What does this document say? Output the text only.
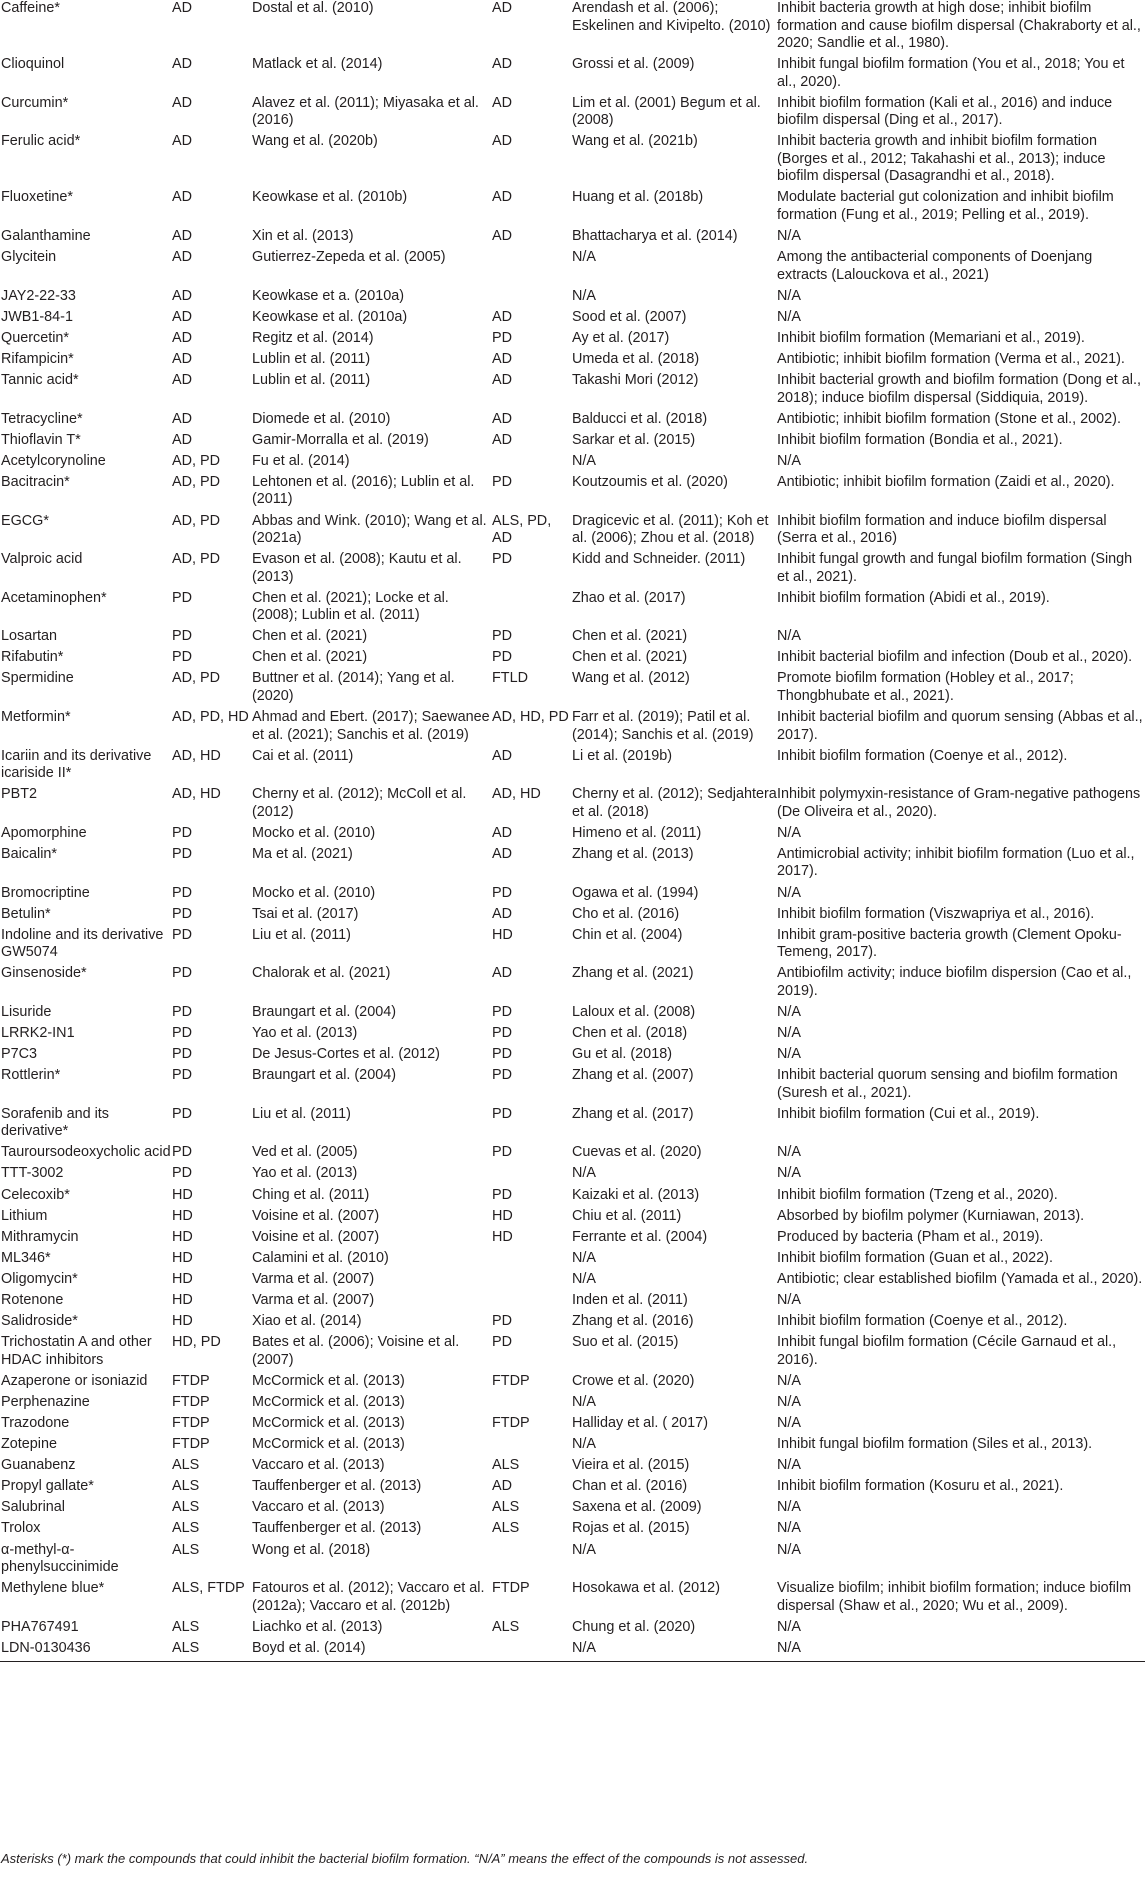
Caffeine*	AD	Dostal et al. (2010)	AD	Arendash et al. (2006); Eskelinen and Kivipelto. (2010)	Inhibit bacteria growth at high dose; inhibit biofilm formation and cause biofilm dispersal (Chakraborty et al., 2020; Sandlie et al., 1980).
Clioquinol	AD	Matlack et al. (2014)	AD	Grossi et al. (2009)	Inhibit fungal biofilm formation (You et al., 2018; You et al., 2020).
Curcumin*	AD	Alavez et al. (2011); Miyasaka et al. (2016)	AD	Lim et al. (2001) Begum et al. (2008)	Inhibit biofilm formation (Kali et al., 2016) and induce biofilm dispersal (Ding et al., 2017).
Ferulic acid*	AD	Wang et al. (2020b)	AD	Wang et al. (2021b)	Inhibit bacteria growth and inhibit biofilm formation (Borges et al., 2012; Takahashi et al., 2013); induce biofilm dispersal (Dasagrandhi et al., 2018).
Fluoxetine*	AD	Keowkase et al. (2010b)	AD	Huang et al. (2018b)	Modulate bacterial gut colonization and inhibit biofilm formation (Fung et al., 2019; Pelling et al., 2019).
Galanthamine	AD	Xin et al. (2013)	AD	Bhattacharya et al. (2014)	N/A
Glycitein	AD	Gutierrez-Zepeda et al. (2005)		N/A	Among the antibacterial components of Doenjang extracts (Lalouckova et al., 2021)
JAY2-22-33	AD	Keowkase et a. (2010a)		N/A	N/A
JWB1-84-1	AD	Keowkase et al. (2010a)	AD	Sood et al. (2007)	N/A
Quercetin*	AD	Regitz et al. (2014)	PD	Ay et al. (2017)	Inhibit biofilm formation (Memariani et al., 2019).
Rifampicin*	AD	Lublin et al. (2011)	AD	Umeda et al. (2018)	Antibiotic; inhibit biofilm formation (Verma et al., 2021).
Tannic acid*	AD	Lublin et al. (2011)	AD	Takashi Mori (2012)	Inhibit bacterial growth and biofilm formation (Dong et al., 2018); induce biofilm dispersal (Siddiquia, 2019).
Tetracycline*	AD	Diomede et al. (2010)	AD	Balducci et al. (2018)	Antibiotic; inhibit biofilm formation (Stone et al., 2002).
Thioflavin T*	AD	Gamir-Morralla et al. (2019)	AD	Sarkar et al. (2015)	Inhibit biofilm formation (Bondia et al., 2021).
Acetylcorynoline	AD, PD	Fu et al. (2014)		N/A	N/A
Bacitracin*	AD, PD	Lehtonen et al. (2016); Lublin et al. (2011)	PD	Koutzoumis et al. (2020)	Antibiotic; inhibit biofilm formation (Zaidi et al., 2020).
EGCG*	AD, PD	Abbas and Wink. (2010); Wang et al. (2021a)	ALS, PD, AD	Dragicevic et al. (2011); Koh et al. (2006); Zhou et al. (2018)	Inhibit biofilm formation and induce biofilm dispersal (Serra et al., 2016)
Valproic acid	AD, PD	Evason et al. (2008); Kautu et al. (2013)	PD	Kidd and Schneider. (2011)	Inhibit fungal growth and fungal biofilm formation (Singh et al., 2021).
Acetaminophen*	PD	Chen et al. (2021); Locke et al. (2008); Lublin et al. (2011)		Zhao et al. (2017)	Inhibit biofilm formation (Abidi et al., 2019).
Losartan	PD	Chen et al. (2021)	PD	Chen et al. (2021)	N/A
Rifabutin*	PD	Chen et al. (2021)	PD	Chen et al. (2021)	Inhibit bacterial biofilm and infection (Doub et al., 2020).
Spermidine	AD, PD	Buttner et al. (2014); Yang et al. (2020)	FTLD	Wang et al. (2012)	Promote biofilm formation (Hobley et al., 2017; Thongbhubate et al., 2021).
Metformin*	AD, PD, HD	Ahmad and Ebert. (2017); Saewanee et al. (2021); Sanchis et al. (2019)	AD, HD, PD	Farr et al. (2019); Patil et al. (2014); Sanchis et al. (2019)	Inhibit bacterial biofilm and quorum sensing (Abbas et al., 2017).
Icariin and its derivative icariside II*	AD, HD	Cai et al. (2011)	AD	Li et al. (2019b)	Inhibit biofilm formation (Coenye et al., 2012).
PBT2	AD, HD	Cherny et al. (2012); McColl et al. (2012)	AD, HD	Cherny et al. (2012); Sedjahtera et al. (2018)	Inhibit polymyxin-resistance of Gram-negative pathogens (De Oliveira et al., 2020).
Apomorphine	PD	Mocko et al. (2010)	AD	Himeno et al. (2011)	N/A
Baicalin*	PD	Ma et al. (2021)	AD	Zhang et al. (2013)	Antimicrobial activity; inhibit biofilm formation (Luo et al., 2017).
Bromocriptine	PD	Mocko et al. (2010)	PD	Ogawa et al. (1994)	N/A
Betulin*	PD	Tsai et al. (2017)	AD	Cho et al. (2016)	Inhibit biofilm formation (Viszwapriya et al., 2016).
Indoline and its derivative GW5074	PD	Liu et al. (2011)	HD	Chin et al. (2004)	Inhibit gram-positive bacteria growth (Clement Opoku-Temeng, 2017).
Ginsenoside*	PD	Chalorak et al. (2021)	AD	Zhang et al. (2021)	Antibiofilm activity; induce biofilm dispersion (Cao et al., 2019).
Lisuride	PD	Braungart et al. (2004)	PD	Laloux et al. (2008)	N/A
LRRK2-IN1	PD	Yao et al. (2013)	PD	Chen et al. (2018)	N/A
P7C3	PD	De Jesus-Cortes et al. (2012)	PD	Gu et al. (2018)	N/A
Rottlerin*	PD	Braungart et al. (2004)	PD	Zhang et al. (2007)	Inhibit bacterial quorum sensing and biofilm formation (Suresh et al., 2021).
Sorafenib and its derivative*	PD	Liu et al. (2011)	PD	Zhang et al. (2017)	Inhibit biofilm formation (Cui et al., 2019).
Tauroursodeoxycholic acid	PD	Ved et al. (2005)	PD	Cuevas et al. (2020)	N/A
TTT-3002	PD	Yao et al. (2013)		N/A	N/A
Celecoxib*	HD	Ching et al. (2011)	PD	Kaizaki et al. (2013)	Inhibit biofilm formation (Tzeng et al., 2020).
Lithium	HD	Voisine et al. (2007)	HD	Chiu et al. (2011)	Absorbed by biofilm polymer (Kurniawan, 2013).
Mithramycin	HD	Voisine et al. (2007)	HD	Ferrante et al. (2004)	Produced by bacteria (Pham et al., 2019).
ML346*	HD	Calamini et al. (2010)		N/A	Inhibit biofilm formation (Guan et al., 2022).
Oligomycin*	HD	Varma et al. (2007)		N/A	Antibiotic; clear established biofilm (Yamada et al., 2020).
Rotenone	HD	Varma et al. (2007)		Inden et al. (2011)	N/A
Salidroside*	HD	Xiao et al. (2014)	PD	Zhang et al. (2016)	Inhibit biofilm formation (Coenye et al., 2012).
Trichostatin A and other HDAC inhibitors	HD, PD	Bates et al. (2006); Voisine et al. (2007)	PD	Suo et al. (2015)	Inhibit fungal biofilm formation (Cécile Garnaud et al., 2016).
Azaperone or isoniazid	FTDP	McCormick et al. (2013)	FTDP	Crowe et al. (2020)	N/A
Perphenazine	FTDP	McCormick et al. (2013)		N/A	N/A
Trazodone	FTDP	McCormick et al. (2013)	FTDP	Halliday et al. ( 2017)	N/A
Zotepine	FTDP	McCormick et al. (2013)		N/A	Inhibit fungal biofilm formation (Siles et al., 2013).
Guanabenz	ALS	Vaccaro et al. (2013)	ALS	Vieira et al. (2015)	N/A
Propyl gallate*	ALS	Tauffenberger et al. (2013)	AD	Chan et al. (2016)	Inhibit biofilm formation (Kosuru et al., 2021).
Salubrinal	ALS	Vaccaro et al. (2013)	ALS	Saxena et al. (2009)	N/A
Trolox	ALS	Tauffenberger et al. (2013)	ALS	Rojas et al. (2015)	N/A
α-methyl-α-phenylsuccinimide	ALS	Wong et al. (2018)		N/A	N/A
Methylene blue*	ALS, FTDP	Fatouros et al. (2012); Vaccaro et al. (2012a); Vaccaro et al. (2012b)	FTDP	Hosokawa et al. (2012)	Visualize biofilm; inhibit biofilm formation; induce biofilm dispersal (Shaw et al., 2020; Wu et al., 2009).
PHA767491	ALS	Liachko et al. (2013)	ALS	Chung et al. (2020)	N/A
LDN-0130436	ALS	Boyd et al. (2014)		N/A	N/A
Asterisks (*) mark the compounds that could inhibit the bacterial biofilm formation. “N/A” means the effect of the compounds is not assessed.
